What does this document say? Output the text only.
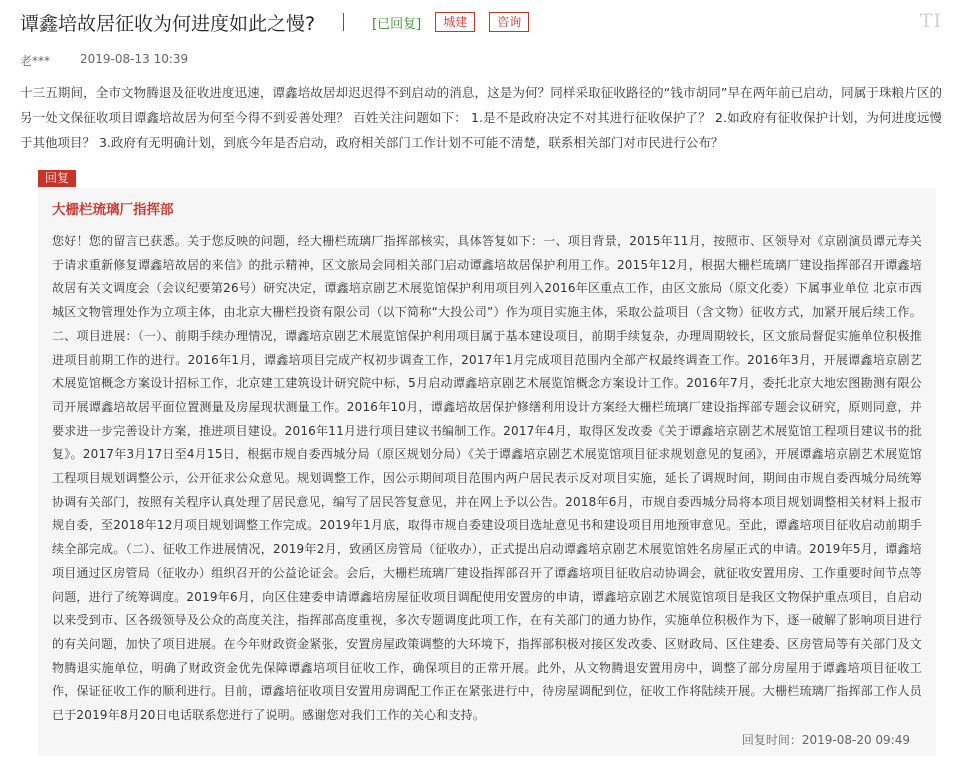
谭鑫培故居征收为何进度如此之慢?	[已回复]	城建	咨询	TI
老***	2019-08-13 10:39
十三五期间，全市文物腾退及征收进度迅速，谭鑫培故居却迟迟得不到启动的消息，这是为何？同样采取征收路径的“钱市胡同”早在两年前已启动，同属于珠粮片区的另一处文保征收项目谭鑫培故居为何至今得不到妥善处理？ 百姓关注问题如下： 1.是不是政府决定不对其进行征收保护了？ 2.如政府有征收保护计划，为何进度远慢于其他项目？ 3.政府有无明确计划，到底今年是否启动，政府相关部门工作计划不可能不清楚，联系相关部门对市民进行公布？
回复
大栅栏琉璃厂指挥部
您好！您的留言已获悉。关于您反映的问题，经大栅栏琉璃厂指挥部核实，具体答复如下：一、项目背景，2015年11月，按照市、区领导对《京剧演员谭元寿关于请求重新修复谭鑫培故居的来信》的批示精神，区文旅局会同相关部门启动谭鑫培故居保护利用工作。2015年12月，根据大栅栏琉璃厂建设指挥部召开谭鑫培故居有关文调度会（会议纪要第26号）研究决定，谭鑫培京剧艺术展览馆保护利用项目列入2016年区重点工作，由区文旅局（原文化委）下属事业单位 北京市西城区文物管理处作为立项主体，由北京大栅栏投资有限公司（以下简称“大投公司”）作为项目实施主体，采取公益项目（含文物）征收方式，加紧开展后续工作。二、项目进展：（一）、前期手续办理情况，谭鑫培京剧艺术展览馆保护利用项目属于基本建设项目，前期手续复杂，办理周期较长，区文旅局督促实施单位积极推进项目前期工作的进行。2016年1月，谭鑫培项目完成产权初步调查工作，2017年1月完成项目范围内全部产权最终调查工作。2016年3月，开展谭鑫培京剧艺术展览馆概念方案设计招标工作，北京建工建筑设计研究院中标，5月启动谭鑫培京剧艺术展览馆概念方案设计工作。2016年7月，委托北京大地宏图勘测有限公司开展谭鑫培故居平面位置测量及房屋现状测量工作。2016年10月，谭鑫培故居保护修缮利用设计方案经大栅栏琉璃厂建设指挥部专题会议研究，原则同意，并要求进一步完善设计方案，推进项目建设。2016年11月进行项目建议书编制工作。2017年4月，取得区发改委《关于谭鑫培京剧艺术展览馆工程项目建议书的批复》。2017年3月17日至4月15日，根据市规自委西城分局（原区规划分局）《关于谭鑫培京剧艺术展览馆项目征求规划意见的复函》，开展谭鑫培京剧艺术展览馆工程项目规划调整公示，公开征求公众意见。规划调整工作，因公示期间项目范围内两户居民表示反对项目实施，延长了调规时间，期间由市规自委西城分局统筹协调有关部门，按照有关程序认真处理了居民意见，编写了居民答复意见，并在网上予以公告。2018年6月，市规自委西城分局将本项目规划调整相关材料上报市规自委，至2018年12月项目规划调整工作完成。2019年1月底，取得市规自委建设项目选址意见书和建设项目用地预审意见。至此，谭鑫培项目征收启动前期手续全部完成。（二）、征收工作进展情况，2019年2月，致函区房管局（征收办），正式提出启动谭鑫培京剧艺术展览馆姓名房屋正式的申请。2019年5月，谭鑫培项目通过区房管局（征收办）组织召开的公益论证会。会后，大栅栏琉璃厂建设指挥部召开了谭鑫培项目征收启动协调会，就征收安置用房、工作重要时间节点等问题，进行了统筹调度。2019年6月，向区住建委申请谭鑫培房屋征收项目调配使用安置房的申请，谭鑫培京剧艺术展览馆项目是我区文物保护重点项目，自启动以来受到市、区各级领导及公众的高度关注，指挥部高度重视，多次专题调度此项工作，在有关部门的通力协作，实施单位积极作为下，逐一破解了影响项目进行的有关问题，加快了项目进展。在今年财政资金紧张，安置房屋政策调整的大环境下，指挥部积极对接区发改委、区财政局、区住建委、区房管局等有关部门及文物腾退实施单位，明确了财政资金优先保障谭鑫培项目征收工作，确保项目的正常开展。此外，从文物腾退安置用房中，调整了部分房屋用于谭鑫培项目征收工作，保证征收工作的顺利进行。目前，谭鑫培征收项目安置用房调配工作正在紧张进行中，待房屋调配到位，征收工作将陆续开展。大栅栏琉璃厂指挥部工作人员已于2019年8月20日电话联系您进行了说明。感谢您对我们工作的关心和支持。
回复时间：2019-08-20 09:49
